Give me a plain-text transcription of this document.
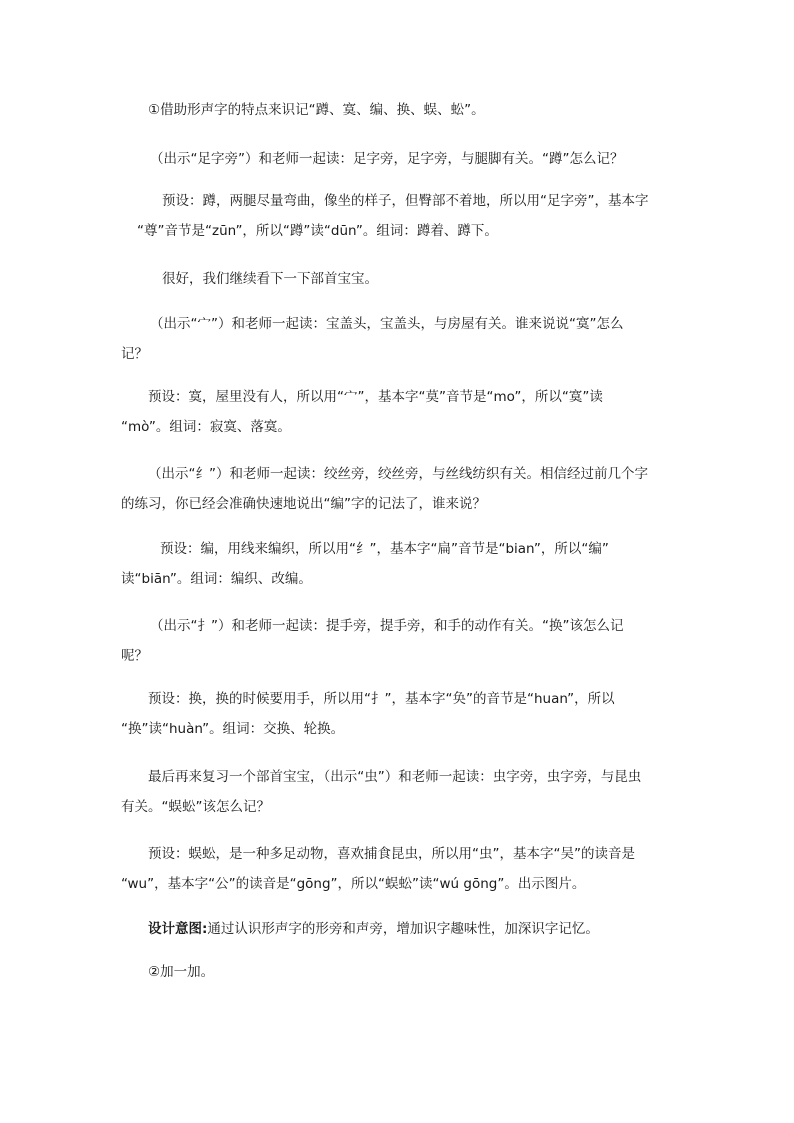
①借助形声字的特点来识记“蹲、寞、编、换、蜈、蚣”。
（出示“足字旁”）和老师一起读：足字旁，足字旁，与腿脚有关。“蹲”怎么记？
预设：蹲，两腿尽量弯曲，像坐的样子，但臀部不着地，所以用“足字旁”，基本字
“尊”音节是“zūn”，所以“蹲”读“dūn”。组词：蹲着、蹲下。
很好，我们继续看下一下部首宝宝。
（出示“宀”）和老师一起读：宝盖头，宝盖头，与房屋有关。谁来说说“寞”怎么
记？
预设：寞，屋里没有人，所以用“宀”，基本字“莫”音节是“mo”，所以“寞”读
“mò”。组词：寂寞、落寞。
（出示“纟”）和老师一起读：绞丝旁，绞丝旁，与丝线纺织有关。相信经过前几个字
的练习，你已经会准确快速地说出“编”字的记法了，谁来说？
预设：编，用线来编织，所以用“纟”，基本字“扁”音节是“bian”，所以“编”
读“biān”。组词：编织、改编。
（出示“扌”）和老师一起读：提手旁，提手旁，和手的动作有关。“换”该怎么记
呢？
预设：换，换的时候要用手，所以用“扌”，基本字“奂”的音节是“huan”，所以
“换”读“huàn”。组词：交换、轮换。
最后再来复习一个部首宝宝，（出示“虫”）和老师一起读：虫字旁，虫字旁，与昆虫
有关。“蜈蚣”该怎么记？
预设：蜈蚣，是一种多足动物，喜欢捕食昆虫，所以用“虫”，基本字“吴”的读音是
“wu”，基本字“公”的读音是“gōng”，所以“蜈蚣”读“wú gōng”。出示图片。
设计意图:通过认识形声字的形旁和声旁，增加识字趣味性，加深识字记忆。
②加一加。
